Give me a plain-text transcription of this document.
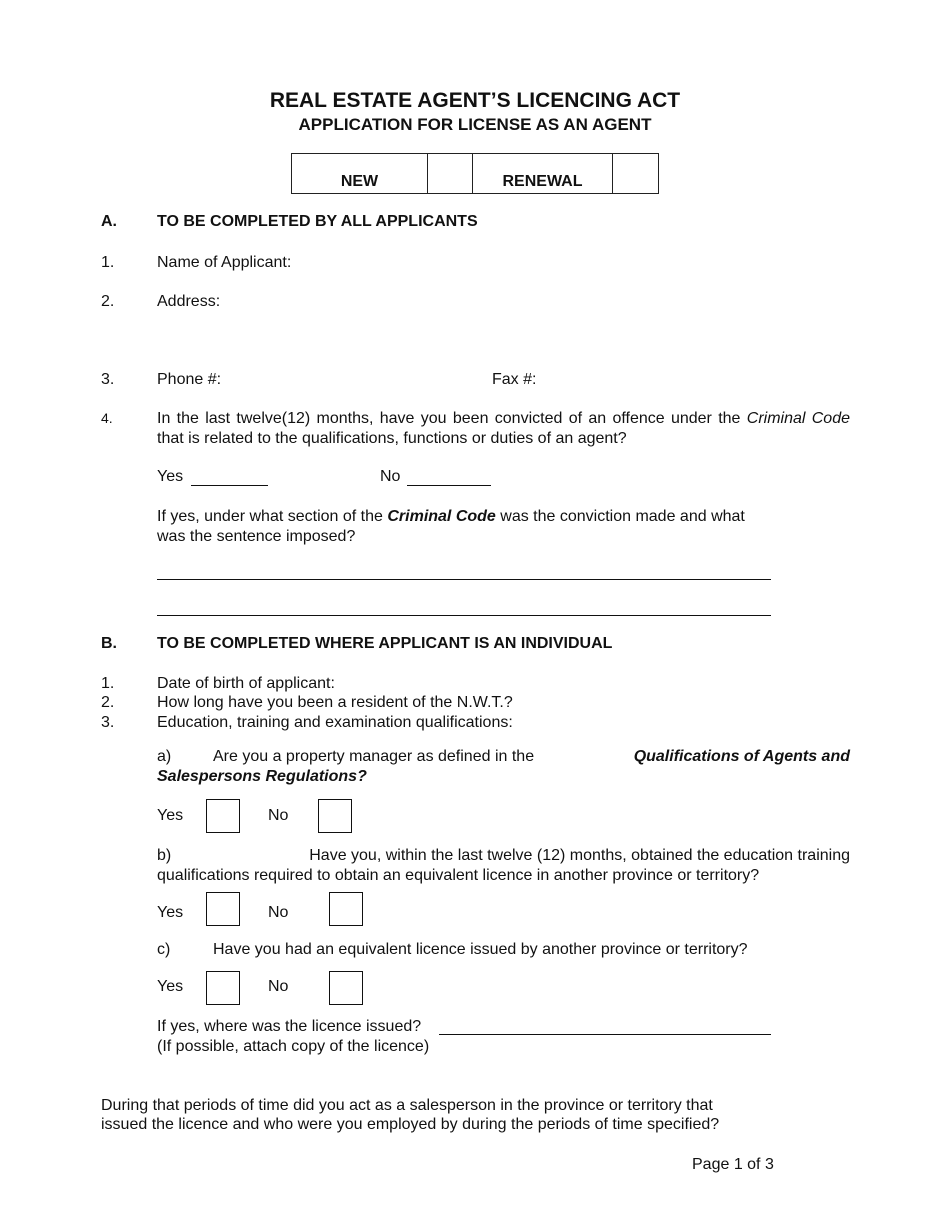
REAL ESTATE AGENT’S LICENCING ACT
APPLICATION FOR LICENSE AS AN AGENT
NEW	RENEWAL
A.	TO BE COMPLETED BY ALL APPLICANTS
1.	Name of Applicant:
2.	Address:
3.	Phone #:	Fax #:
4.	In the last twelve(12) months, have you been convicted of an offence under the Criminal Code that is related to the qualifications, functions or duties of an agent?
Yes	No
If yes, under what section of the Criminal Code was the conviction made and what
was the sentence imposed?
B.	TO BE COMPLETED WHERE APPLICANT IS AN INDIVIDUAL
1.	Date of birth of applicant:
2.	How long have you been a resident of the N.W.T.?
3.	Education, training and examination qualifications:
a)	Are you a property manager as defined in the	Qualifications of Agents and
Salespersons Regulations?
Yes	No
b)	Have you, within the last twelve (12) months, obtained the education training
qualifications required to obtain an equivalent licence in another province or territory?
Yes	No
c)	Have you had an equivalent licence issued by another province or territory?
Yes	No
If yes, where was the licence issued?
(If possible, attach copy of the licence)
During that periods of time did you act as a salesperson in the province or territory that
issued the licence and who were you employed by during the periods of time specified?
Page 1 of 3
